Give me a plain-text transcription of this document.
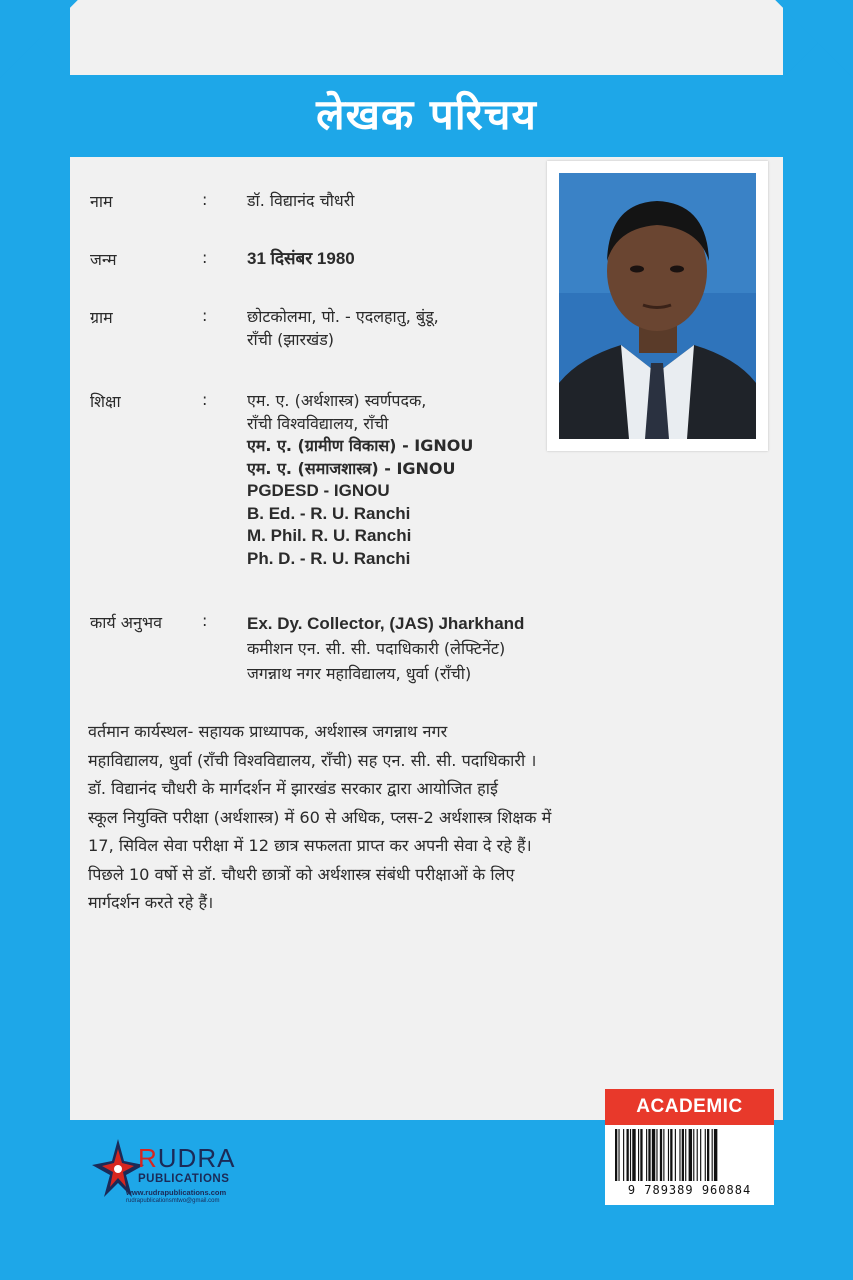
लेखक परिचय
नाम	: डॉ. विद्यानंद चौधरी
जन्म	: 31 दिसंबर 1980
ग्राम	: छोटकोलमा, पो. - एदलहातु, बुंडू,
राँची (झारखंड)
शिक्षा	: एम. ए. (अर्थशास्त्र) स्वर्णपदक,
राँची विश्वविद्यालय, राँची
एम. ए. (ग्रामीण विकास) - IGNOU
एम. ए. (समाजशास्त्र) - IGNOU
PGDESD - IGNOU
B. Ed. - R. U. Ranchi
M. Phil. R. U. Ranchi
Ph. D. - R. U. Ranchi
कार्य अनुभव : Ex. Dy. Collector, (JAS) Jharkhand
कमीशन एन. सी. सी. पदाधिकारी (लेफ्टिनेंट)
जगन्नाथ नगर महाविद्यालय, धुर्वा (राँची)
वर्तमान कार्यस्थल- सहायक प्राध्यापक, अर्थशास्त्र जगन्नाथ नगर
महाविद्यालय, धुर्वा (राँची विश्वविद्यालय, राँची) सह एन. सी. सी. पदाधिकारी ।
डॉ. विद्यानंद चौधरी के मार्गदर्शन में झारखंड सरकार द्वारा आयोजित हाई
स्कूल नियुक्ति परीक्षा (अर्थशास्त्र) में 60 से अधिक, प्लस-2 अर्थशास्त्र शिक्षक में
17, सिविल सेवा परीक्षा में 12 छात्र सफलता प्राप्त कर अपनी सेवा दे रहे हैं।
पिछले 10 वर्षो से डॉ. चौधरी छात्रों को अर्थशास्त्र संबंधी परीक्षाओं के लिए
मार्गदर्शन करते रहे हैं।
RUDRA
PUBLICATIONS
www.rudrapublications.com
rudrapublicationsmtwo@gmail.com
ACADEMIC
9 789389 960884
